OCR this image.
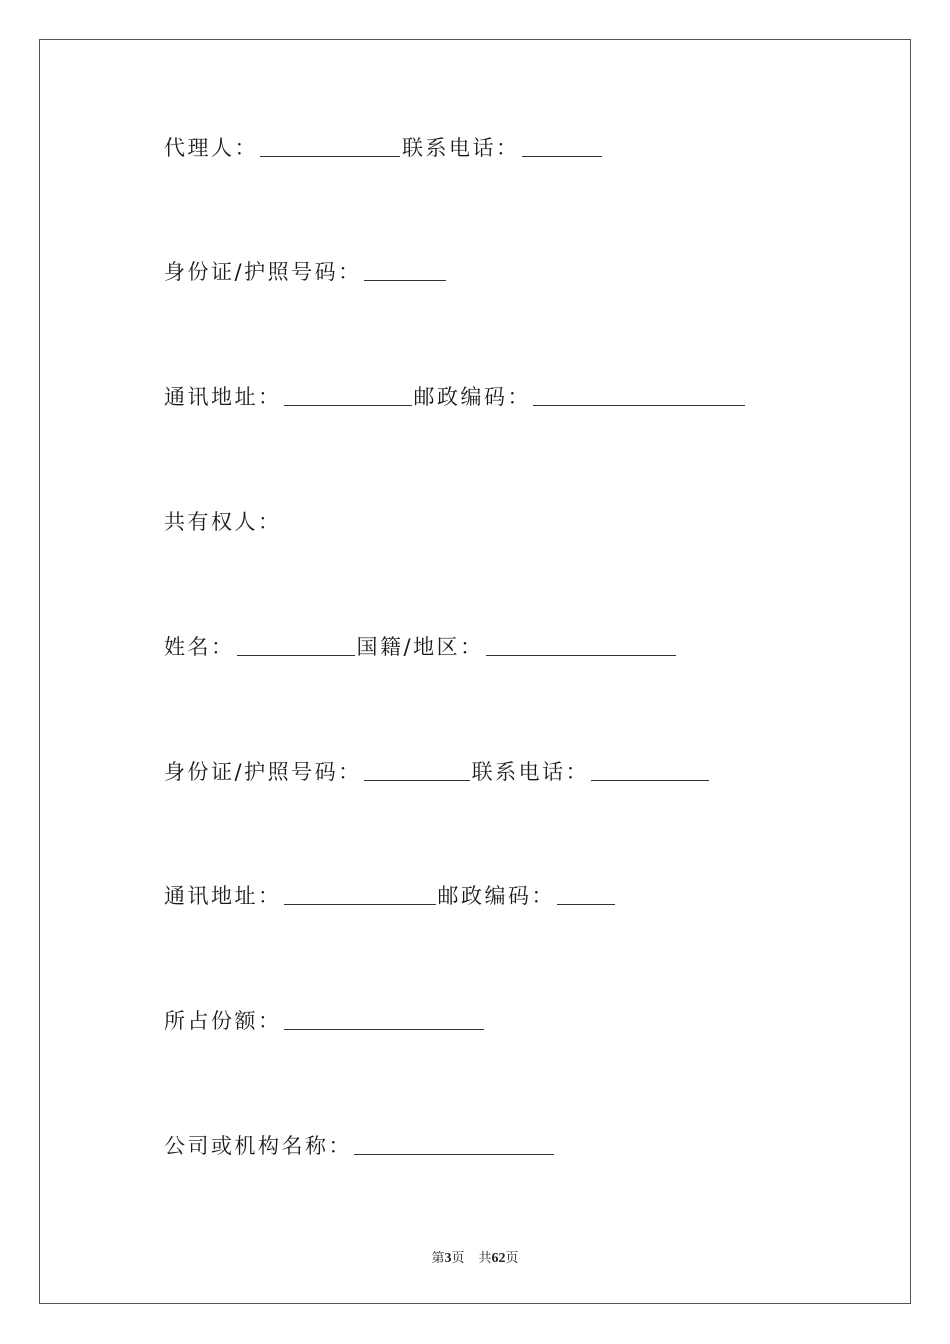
代理人：	联系电话：
身份证/护照号码：
通讯地址：	邮政编码：
共有权人：
姓名：	国籍/地区：
身份证/护照号码：	联系电话：
通讯地址：	邮政编码：
所占份额：
公司或机构名称：
第3页 共62页
